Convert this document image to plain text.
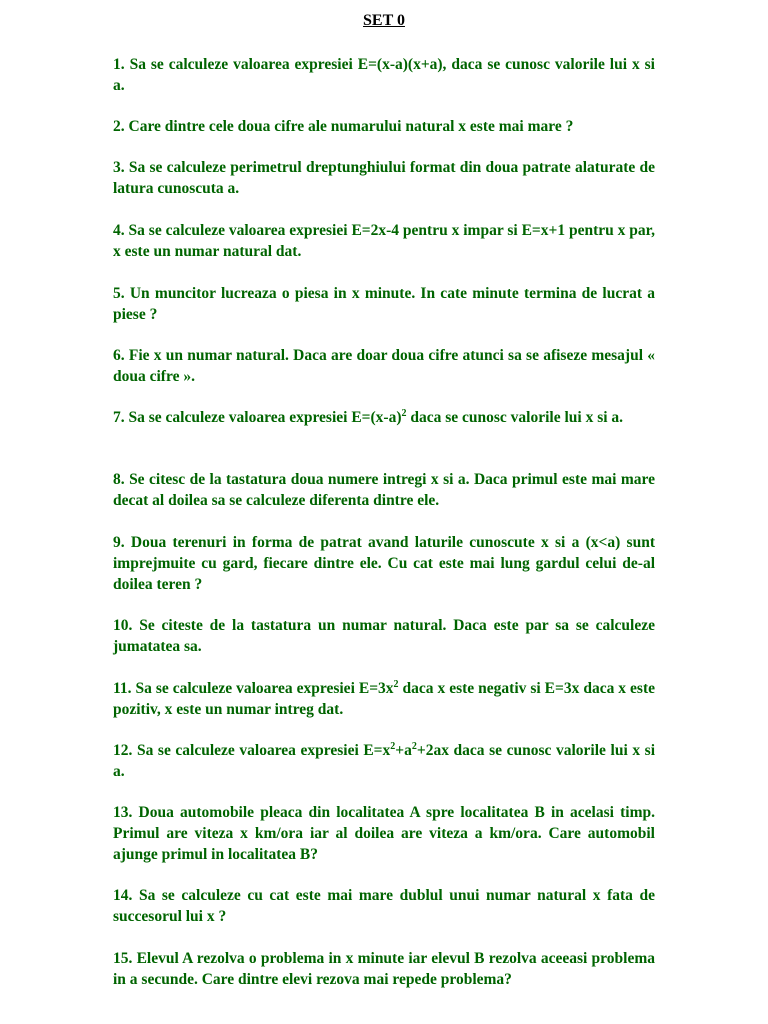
SET 0

1. Sa se calculeze valoarea expresiei E=(x-a)(x+a), daca se cunosc valorile lui x si a.

2. Care dintre cele doua cifre ale numarului natural x este mai mare ?

3. Sa se calculeze perimetrul dreptunghiului format din doua patrate alaturate de latura cunoscuta a.

4. Sa se calculeze valoarea expresiei E=2x-4 pentru x impar si E=x+1 pentru x par, x este un numar natural dat.

5. Un muncitor lucreaza o piesa in x minute. In cate minute termina de lucrat a piese ?

6. Fie x un numar natural. Daca are doar doua cifre atunci sa se afiseze mesajul « doua cifre ».

7. Sa se calculeze valoarea expresiei $E=(x-a)^2$ daca se cunosc valorile lui x si a.

8. Se citesc de la tastatura doua numere intregi x si a. Daca primul este mai mare decat al doilea sa se calculeze diferenta dintre ele.

9. Doua terenuri in forma de patrat avand laturile cunoscute x si a (x<a) sunt imprejmuite cu gard, fiecare dintre ele. Cu cat este mai lung gardul celui de-al doilea teren ?

10. Se citeste de la tastatura un numar natural. Daca este par sa se calculeze jumatatea sa.

11. Sa se calculeze valoarea expresiei $E=3x^2$ daca x este negativ si E=3x daca x este pozitiv, x este un numar intreg dat.

12. Sa se calculeze valoarea expresiei $E=x^2+a^2+2ax$ daca se cunosc valorile lui x si a.

13. Doua automobile pleaca din localitatea A spre localitatea B in acelasi timp. Primul are viteza x km/ora iar al doilea are viteza a km/ora. Care automobil ajunge primul in localitatea B?

14. Sa se calculeze cu cat este mai mare dublul unui numar natural x fata de succesorul lui x ?

15. Elevul A rezolva o problema in x minute iar elevul B rezolva aceeasi problema in a secunde. Care dintre elevi rezova mai repede problema?
